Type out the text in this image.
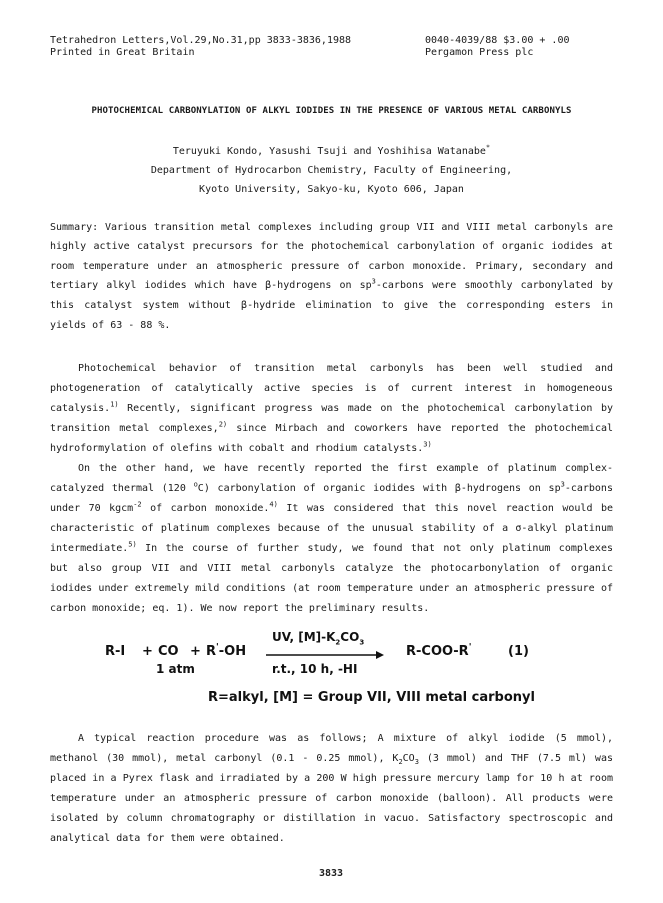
Tetrahedron Letters,Vol.29,No.31,pp 3833-3836,1988
Printed in Great Britain
0040-4039/88 $3.00 + .00
Pergamon Press plc
PHOTOCHEMICAL CARBONYLATION OF ALKYL IODIDES IN THE PRESENCE OF VARIOUS METAL CARBONYLS
Teruyuki Kondo, Yasushi Tsuji and Yoshihisa Watanabe*
Department of Hydrocarbon Chemistry, Faculty of Engineering,
Kyoto University, Sakyo-ku, Kyoto 606, Japan
Summary: Various transition metal complexes including group VII and VIII metal carbonyls are
highly active catalyst precursors for the photochemical carbonylation of organic iodides at
room temperature under an atmospheric pressure of carbon monoxide. Primary, secondary and
tertiary alkyl iodides which have β-hydrogens on $sp^3$-carbons were smoothly carbonylated by
this catalyst system without β-hydride elimination to give the corresponding esters in
yields of 63 - 88 %.
Photochemical behavior of transition metal carbonyls has been well studied and
photogeneration of catalytically active species is of current interest in homogeneous
catalysis.$^{1)}$ Recently, significant progress was made on the photochemical carbonylation by
transition metal complexes,$^{2)}$ since Mirbach and coworkers have reported the photochemical
hydroformylation of olefins with cobalt and rhodium catalysts.$^{3)}$
On the other hand, we have recently reported the first example of platinum complex-
catalyzed thermal (120 $^o$C) carbonylation of organic iodides with β-hydrogens on $sp^3$-carbons
under 70 kgcm$^{-2}$ of carbon monoxide.$^{4)}$ It was considered that this novel reaction would be
characteristic of platinum complexes because of the unusual stability of a σ-alkyl platinum
intermediate.$^{5)}$ In the course of further study, we found that not only platinum complexes
but also group VII and VIII metal carbonyls catalyze the photocarbonylation of organic
iodides under extremely mild conditions (at room temperature under an atmospheric pressure of
carbon monoxide; eq. 1). We now report the preliminary results.
R-I + CO + R'-OH
1 atm
UV, $[M]-K_2CO_3$
r.t., 10 h, -HI
R-COO-R'	(1)
R=alkyl, [M] = Group VII, VIII metal carbonyl
A typical reaction procedure was as follows; A mixture of alkyl iodide (5 mmol),
methanol (30 mmol), metal carbonyl (0.1 - 0.25 mmol), $K_2CO_3$ (3 mmol) and THF (7.5 ml) was
placed in a Pyrex flask and irradiated by a 200 W high pressure mercury lamp for 10 h at room
temperature under an atmospheric pressure of carbon monoxide (balloon). All products were
isolated by column chromatography or distillation in vacuo. Satisfactory spectroscopic and
analytical data for them were obtained.
3833
